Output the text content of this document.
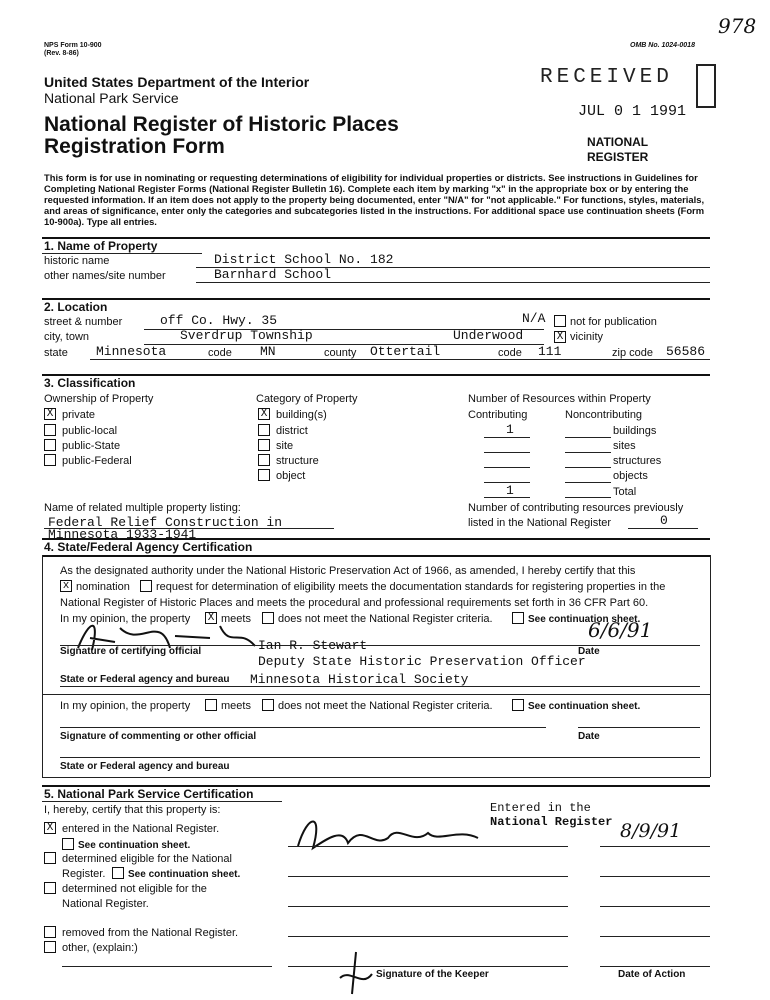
NPS Form 10-900
(Rev. 8-86)
OMB No. 1024-0018
978
United States Department of the Interior
National Park Service
National Register of Historic Places
Registration Form
RECEIVED
JUL 0 1 1991
NATIONAL
REGISTER
This form is for use in nominating or requesting determinations of eligibility for individual properties or districts. See instructions in Guidelines for Completing National Register Forms (National Register Bulletin 16). Complete each item by marking "x" in the appropriate box or by entering the requested information. If an item does not apply to the property being documented, enter "N/A" for "not applicable." For functions, styles, materials, and areas of significance, enter only the categories and subcategories listed in the instructions. For additional space use continuation sheets (Form 10-900a). Type all entries.
1. Name of Property
historic name	District School No. 182
other names/site number	Barnhard School
2. Location
street & number	off Co. Hwy. 35	N/A not for publication
city, town	Sverdrup Township	Underwood	X vicinity
state Minnesota	code MN	county Ottertail	code 111	zip code 56586
3. Classification
Ownership of Property	Category of Property	Number of Resources within Property
Contributing	Noncontributing
X private
public-local
public-State
public-Federal
X building(s)
district
site
structure
object
1	buildings
sites
structures
objects
1	Total
Name of related multiple property listing:
Federal Relief Construction in
Minnesota 1933-1941
Number of contributing resources previously
listed in the National Register	0
4. State/Federal Agency Certification
As the designated authority under the National Historic Preservation Act of 1966, as amended, I hereby certify that this
x nomination request for determination of eligibility meets the documentation standards for registering properties in the
National Register of Historic Places and meets the procedural and professional requirements set forth in 36 CFR Part 60.
In my opinion, the property X meets does not meet the National Register criteria.	See continuation sheet.
6/6/91
Signature of certifying official	Ian R. Stewart	Date
Deputy State Historic Preservation Officer
State or Federal agency and bureau Minnesota Historical Society
In my opinion, the property	meets does not meet the National Register criteria.	See continuation sheet.
Signature of commenting or other official	Date
State or Federal agency and bureau
5. National Park Service Certification
I, hereby, certify that this property is:
X entered in the National Register.
See continuation sheet.
determined eligible for the National
Register. See continuation sheet.
determined not eligible for the
National Register.
removed from the National Register.
other, (explain:)
Entered in the
National Register 8/9/91
Signature of the Keeper	Date of Action
